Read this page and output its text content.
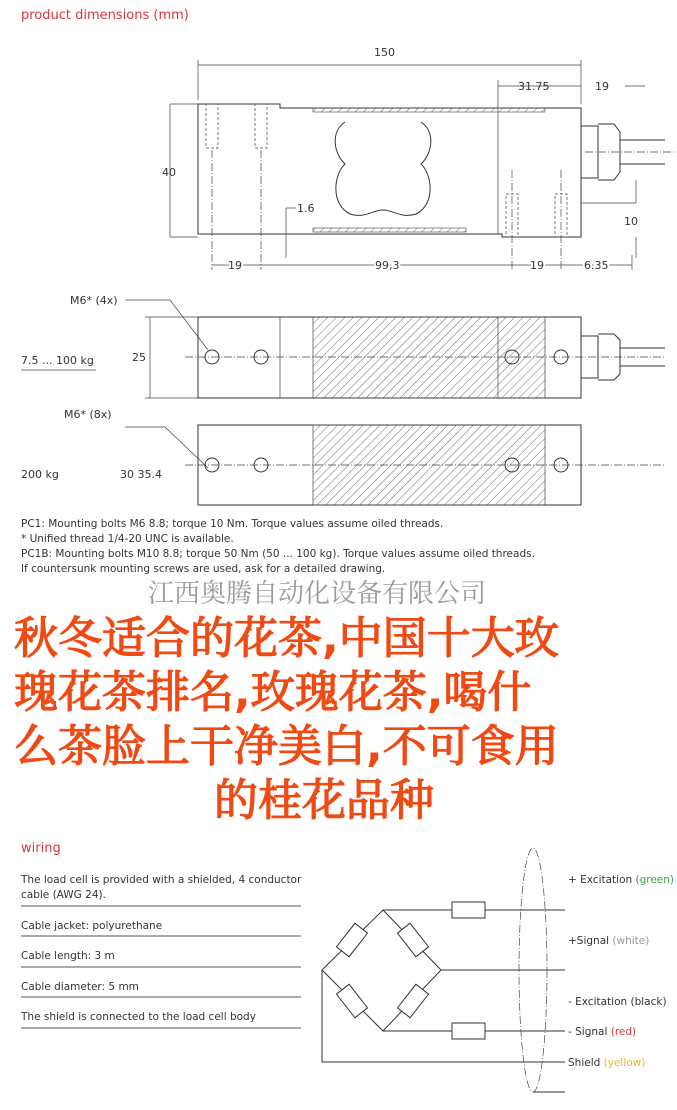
product dimensions (mm)
150
31.75	19
40
1.6
10
19	99,3	19	6.35
M6* (4x)
7.5 ... 100 kg	25
M6* (8x)
200 kg	30 35.4
PC1: Mounting bolts M6 8.8; torque 10 Nm. Torque values assume oiled threads.
* Unified thread 1/4-20 UNC is available.
PC1B: Mounting bolts M10 8.8; torque 50 Nm (50 ... 100 kg). Torque values assume oiled threads.
If countersunk mounting screws are used, ask for a detailed drawing.
江西奥腾自动化设备有限公司
wiring
The load cell is provided with a shielded, 4 conductor
cable (AWG 24).
Cable jacket: polyurethane
Cable length: 3 m
Cable diameter: 5 mm
The shield is connected to the load cell body
+ Excitation (green)
+Signal (white)
- Excitation (black)
- Signal (red)
Shield (yellow)
秋冬适合的花茶,中国十大玫
瑰花茶排名,玫瑰花茶,喝什
么茶脸上干净美白,不可食用
的桂花品种
